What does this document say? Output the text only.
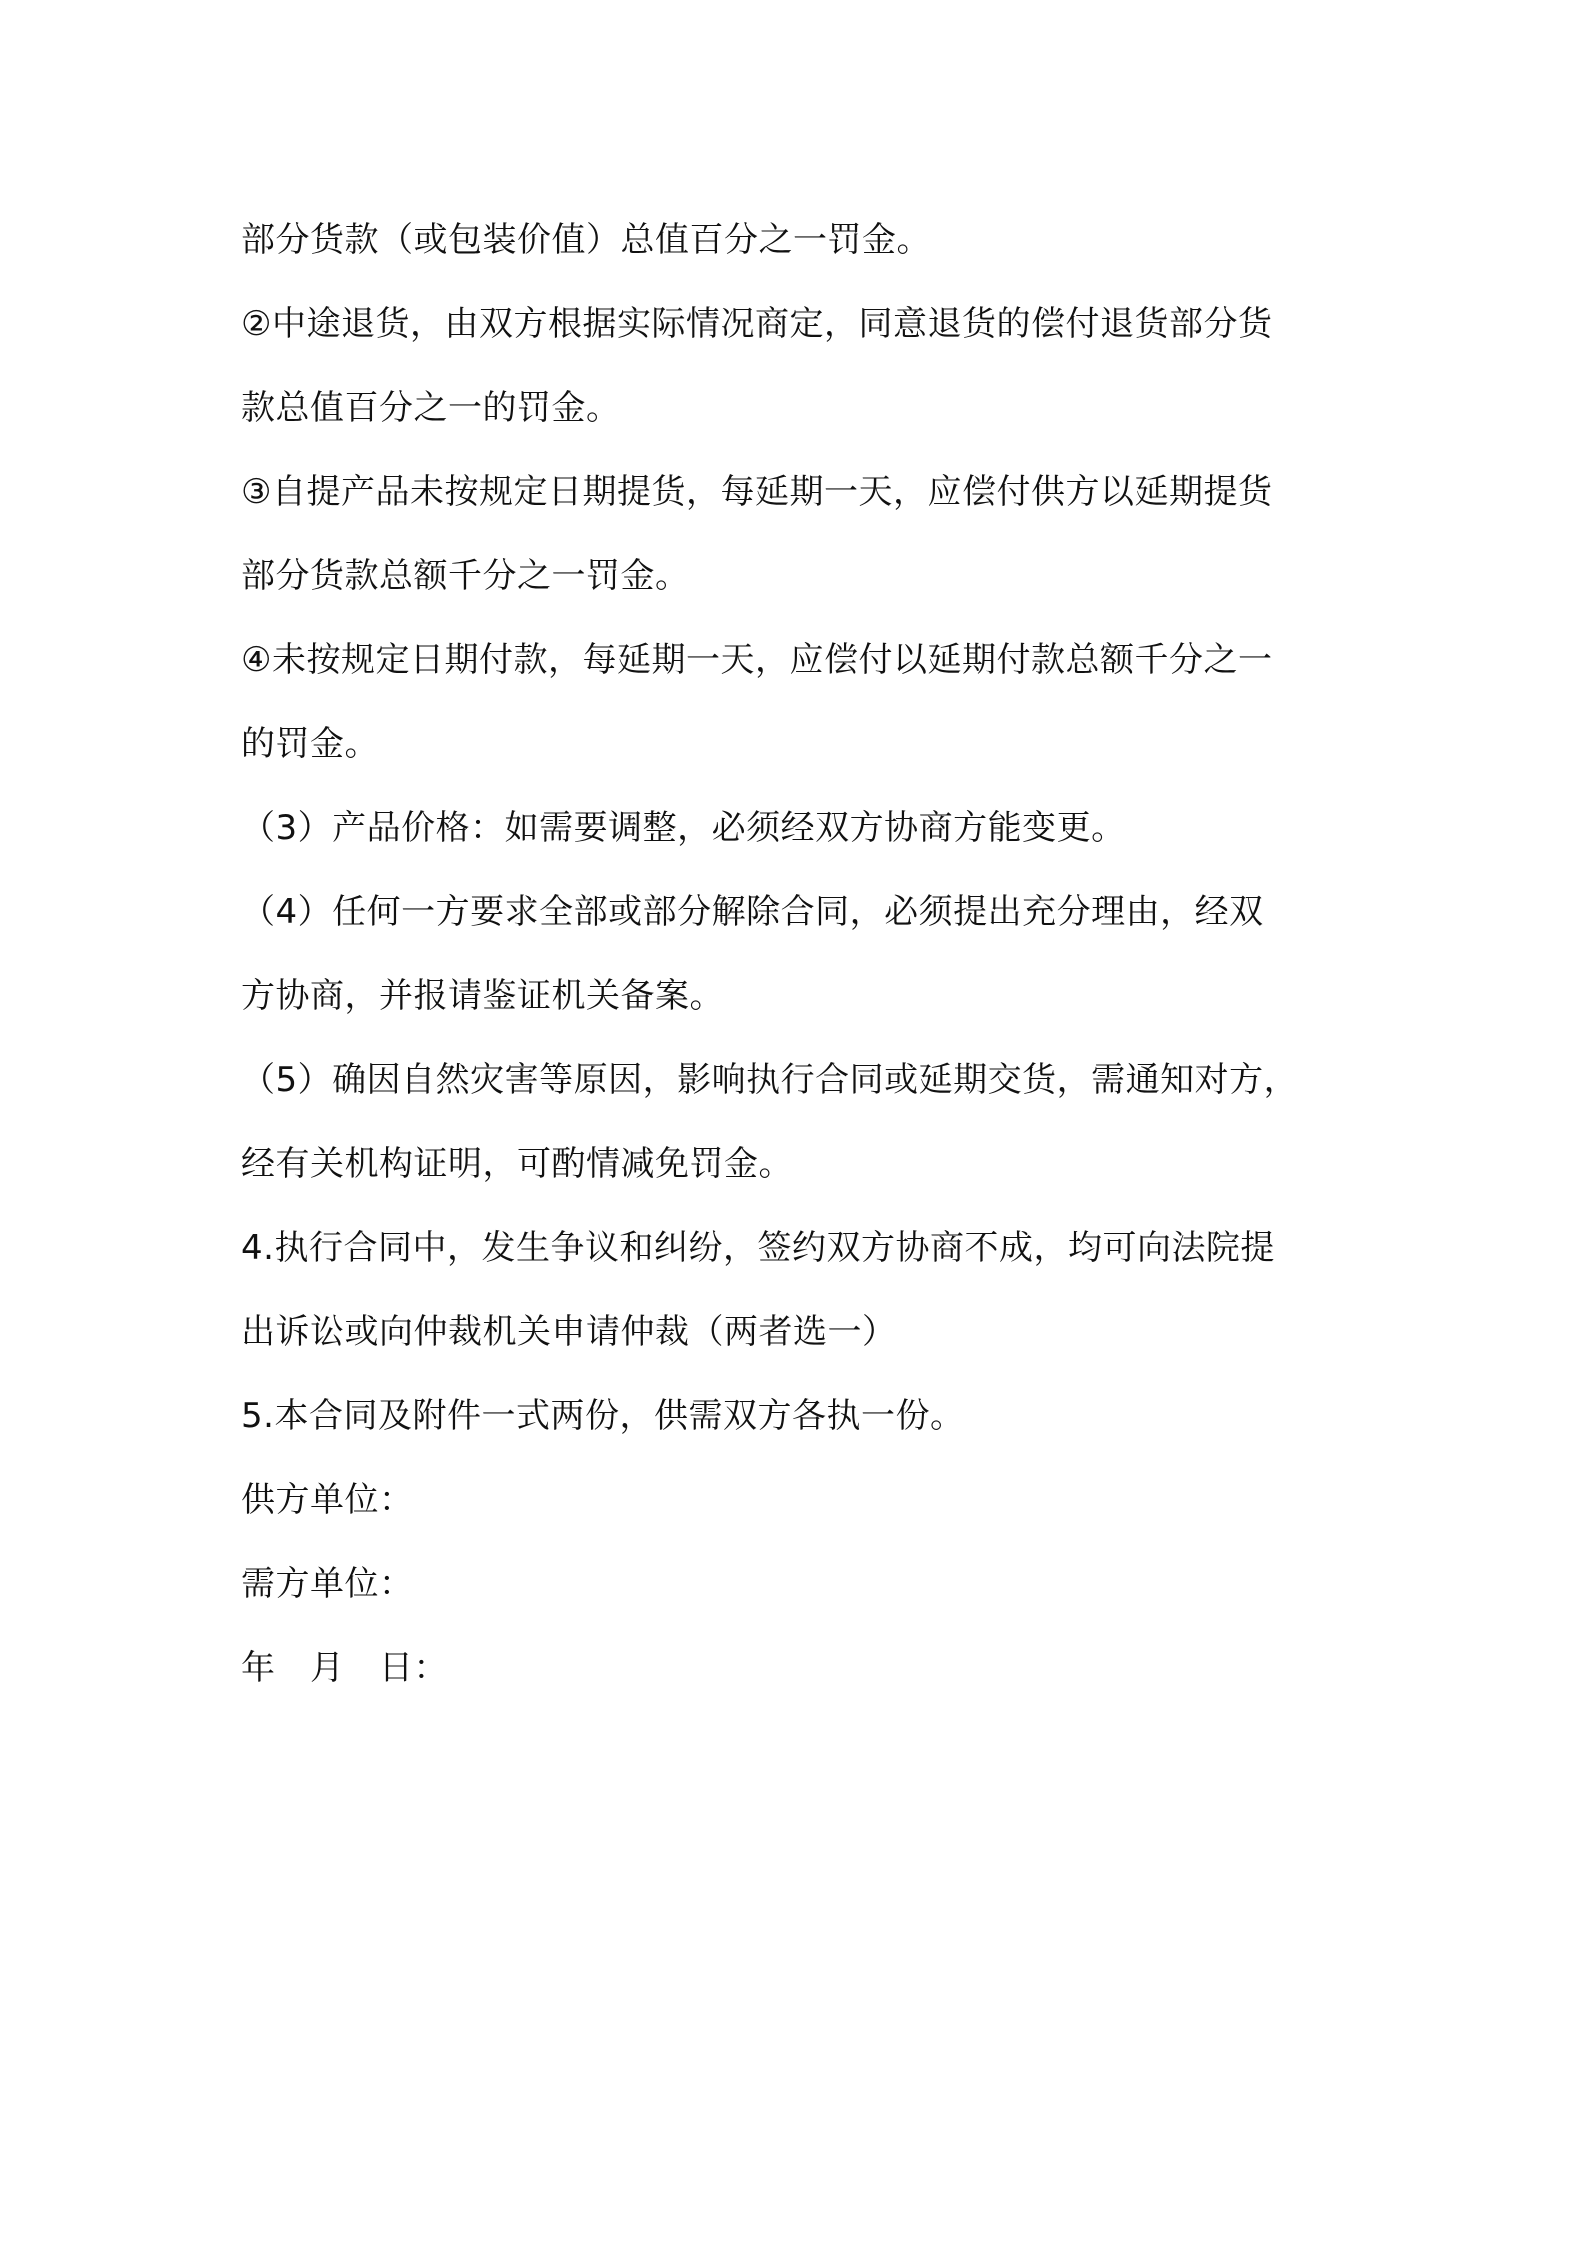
部分货款（或包装价值）总值百分之一罚金。
②中途退货，由双方根据实际情况商定，同意退货的偿付退货部分货
款总值百分之一的罚金。
③自提产品未按规定日期提货，每延期一天，应偿付供方以延期提货
部分货款总额千分之一罚金。
④未按规定日期付款，每延期一天，应偿付以延期付款总额千分之一
的罚金。
（3）产品价格：如需要调整，必须经双方协商方能变更。
（4）任何一方要求全部或部分解除合同，必须提出充分理由，经双
方协商，并报请鉴证机关备案。
（5）确因自然灾害等原因，影响执行合同或延期交货，需通知对方，
经有关机构证明，可酌情减免罚金。
4.执行合同中，发生争议和纠纷，签约双方协商不成，均可向法院提
出诉讼或向仲裁机关申请仲裁（两者选一）
5.本合同及附件一式两份，供需双方各执一份。
供方单位：
需方单位：
年　月　日：
